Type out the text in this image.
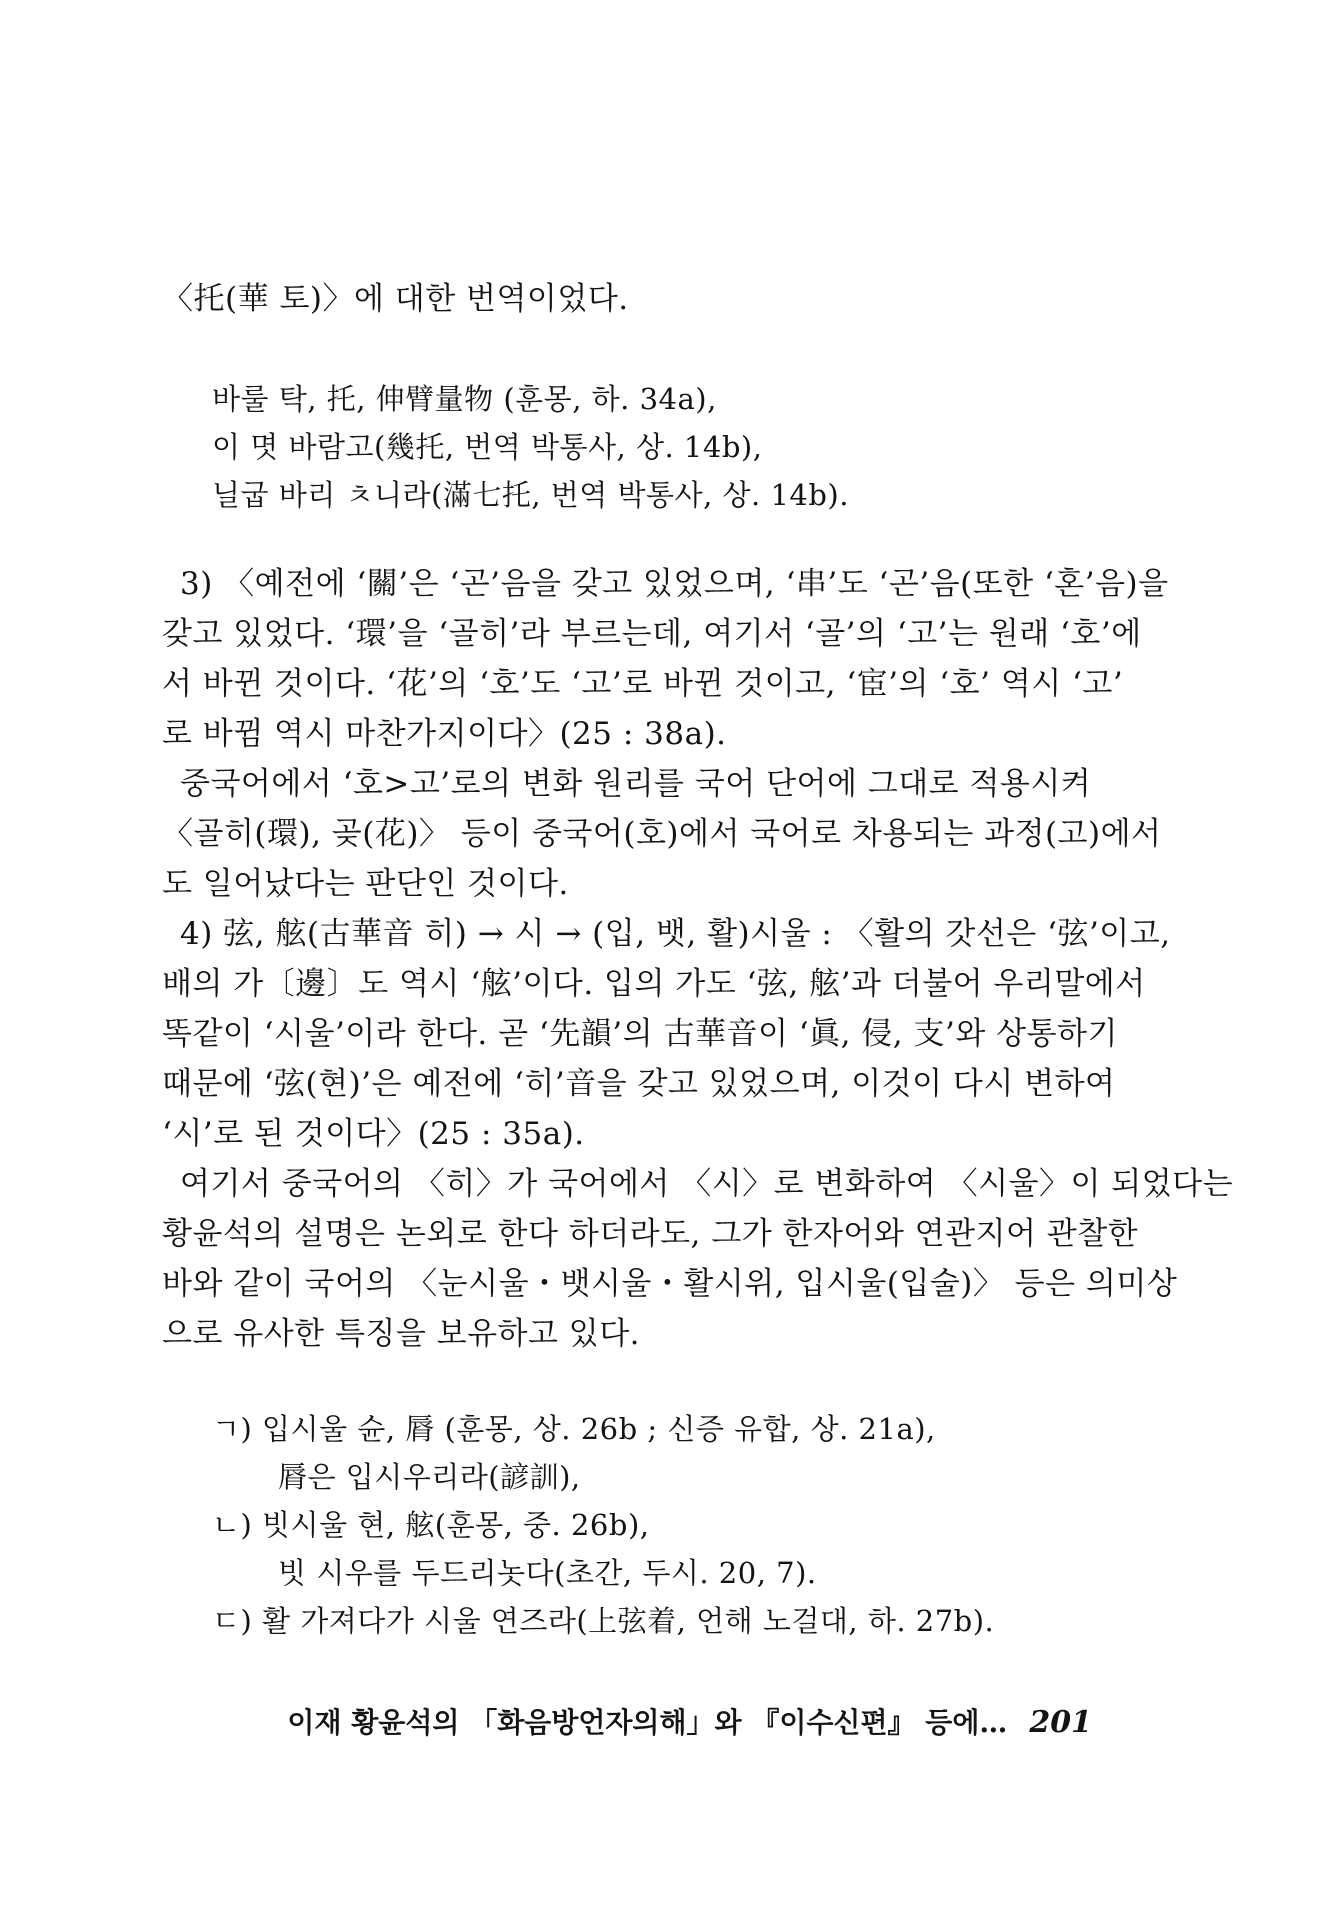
〈托(華 토)〉에 대한 번역이었다.
바룰 탁, 托, 伸臂量物 (훈몽, 하. 34a),
이 몃 바람고(幾托, 번역 박통사, 상. 14b),
닐굽 바리 ㅊ니라(滿七托, 번역 박통사, 상. 14b).
3) 〈예전에 ‘關’은 ‘곤’음을 갖고 있었으며, ‘串’도 ‘곤’음(또한 ‘혼’음)을
갖고 있었다. ‘環’을 ‘골히’라 부르는데, 여기서 ‘골’의 ‘고’는 원래 ‘호’에
서 바뀐 것이다. ‘花’의 ‘호’도 ‘고’로 바뀐 것이고, ‘宦’의 ‘호’ 역시 ‘고’
로 바뀜 역시 마찬가지이다〉(25 : 38a).
중국어에서 ‘호>고’로의 변화 원리를 국어 단어에 그대로 적용시켜
〈골히(環), 곶(花)〉 등이 중국어(호)에서 국어로 차용되는 과정(고)에서
도 일어났다는 판단인 것이다.
4) 弦, 舷(古華音 히) → 시 → (입, 뱃, 활)시울 : 〈활의 갓선은 ‘弦’이고,
배의 가〔邊〕도 역시 ‘舷’이다. 입의 가도 ‘弦, 舷’과 더불어 우리말에서
똑같이 ‘시울’이라 한다. 곧 ‘先韻’의 古華音이 ‘眞, 侵, 支’와 상통하기
때문에 ‘弦(현)’은 예전에 ‘히’音을 갖고 있었으며, 이것이 다시 변하여
‘시’로 된 것이다〉(25 : 35a).
여기서 중국어의 〈히〉가 국어에서 〈시〉로 변화하여 〈시울〉이 되었다는
황윤석의 설명은 논외로 한다 하더라도, 그가 한자어와 연관지어 관찰한
바와 같이 국어의 〈눈시울・뱃시울・활시위, 입시울(입술)〉 등은 의미상
으로 유사한 특징을 보유하고 있다.
ㄱ) 입시울 슌, 脣 (훈몽, 상. 26b ; 신증 유합, 상. 21a),
脣은 입시우리라(諺訓),
ㄴ) 빗시울 현, 舷(훈몽, 중. 26b),
빗 시우를 두드리놋다(초간, 두시. 20, 7).
ㄷ) 활 가져다가 시울 연즈라(上弦着, 언해 노걸대, 하. 27b).
이재 황윤석의 「화음방언자의해」와 『이수신편』 등에… 201
